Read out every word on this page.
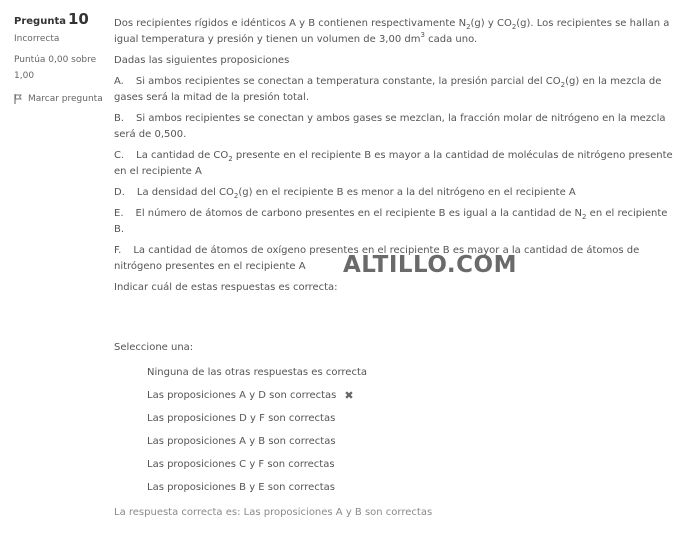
Pregunta 10
Incorrecta
Puntúa 0,00 sobre 1,00
Marcar pregunta

Dos recipientes rígidos e idénticos A y B contienen respectivamente $N_2(g)$ y $CO_2(g)$. Los recipientes se hallan a igual temperatura y presión y tienen un volumen de 3,00 $dm^3$ cada uno.

Dadas las siguientes proposiciones

A. Si ambos recipientes se conectan a temperatura constante, la presión parcial del $CO_2(g)$ en la mezcla de gases será la mitad de la presión total.

B. Si ambos recipientes se conectan y ambos gases se mezclan, la fracción molar de nitrógeno en la mezcla será de 0,500.

C. La cantidad de $CO_2$ presente en el recipiente B es mayor a la cantidad de moléculas de nitrógeno presente en el recipiente A

D. La densidad del $CO_2(g)$ en el recipiente B es menor a la del nitrógeno en el recipiente A

E. El número de átomos de carbono presentes en el recipiente B es igual a la cantidad de $N_2$ en el recipiente B.

F. La cantidad de átomos de oxígeno presentes en el recipiente B es mayor a la cantidad de átomos de nitrógeno presentes en el recipiente A

Indicar cuál de estas respuestas es correcta:
Seleccione una:
Ninguna de las otras respuestas es correcta
Las proposiciones A y D son correctas ✖
Las proposiciones D y F son correctas
Las proposiciones A y B son correctas
Las proposiciones C y F son correctas
Las proposiciones B y E son correctas
La respuesta correcta es: Las proposiciones A y B son correctas
ALTILLO.COM
